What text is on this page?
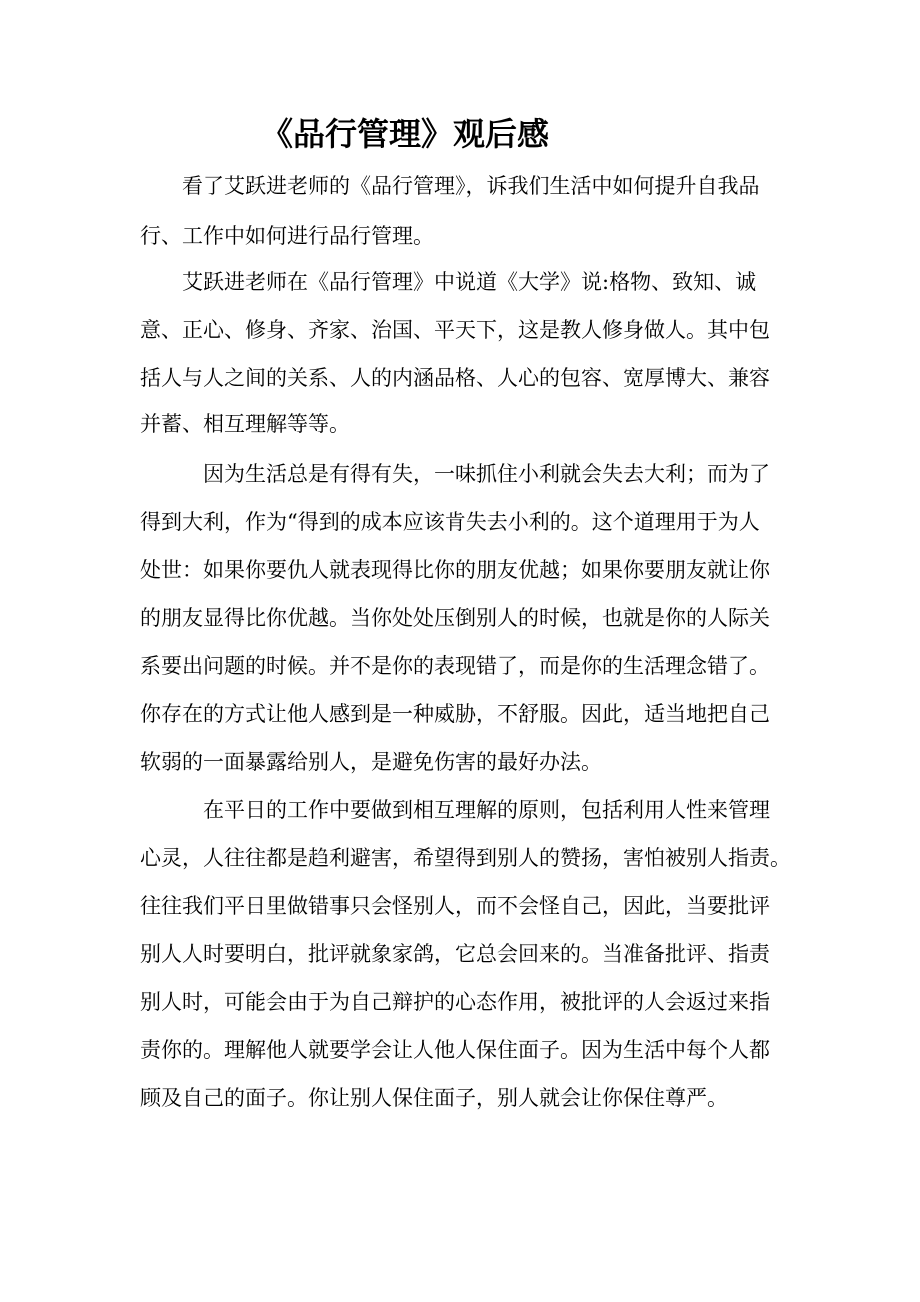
《品行管理》观后感
看了艾跃进老师的《品行管理》，诉我们生活中如何提升自我品
行、工作中如何进行品行管理。
艾跃进老师在《品行管理》中说道《大学》说:格物、致知、诚
意、正心、修身、齐家、治国、平天下，这是教人修身做人。其中包
括人与人之间的关系、人的内涵品格、人心的包容、宽厚博大、兼容
并蓄、相互理解等等。
因为生活总是有得有失，一味抓住小利就会失去大利；而为了
得到大利，作为“得到的成本应该肯失去小利的。这个道理用于为人
处世：如果你要仇人就表现得比你的朋友优越；如果你要朋友就让你
的朋友显得比你优越。当你处处压倒别人的时候，也就是你的人际关
系要出问题的时候。并不是你的表现错了，而是你的生活理念错了。
你存在的方式让他人感到是一种威胁，不舒服。因此，适当地把自己
软弱的一面暴露给别人，是避免伤害的最好办法。
在平日的工作中要做到相互理解的原则，包括利用人性来管理
心灵，人往往都是趋利避害，希望得到别人的赞扬，害怕被别人指责。
往往我们平日里做错事只会怪别人，而不会怪自己，因此，当要批评
别人人时要明白，批评就象家鸽，它总会回来的。当准备批评、指责
别人时，可能会由于为自己辩护的心态作用，被批评的人会返过来指
责你的。理解他人就要学会让人他人保住面子。因为生活中每个人都
顾及自己的面子。你让别人保住面子，别人就会让你保住尊严。
